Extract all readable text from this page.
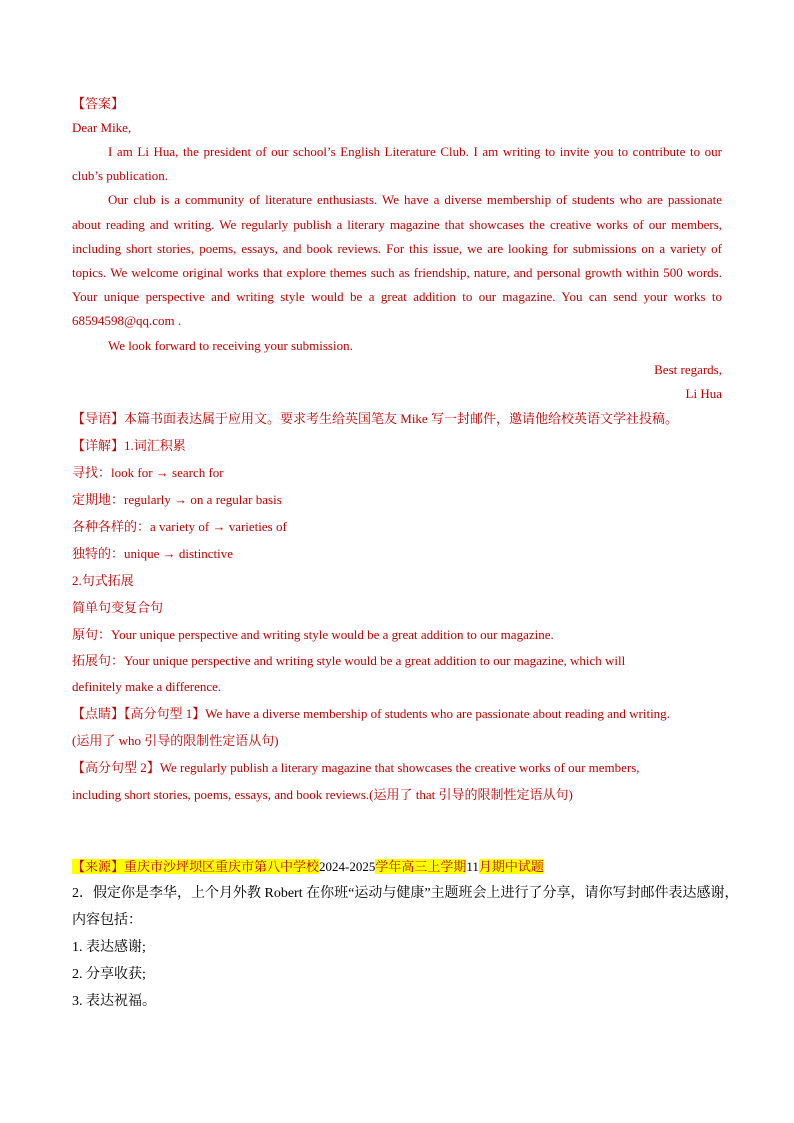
【答案】
Dear Mike,
I am Li Hua, the president of our school’s English Literature Club. I am writing to invite you to contribute to our club’s publication.
Our club is a community of literature enthusiasts. We have a diverse membership of students who are passionate about reading and writing. We regularly publish a literary magazine that showcases the creative works of our members, including short stories, poems, essays, and book reviews. For this issue, we are looking for submissions on a variety of topics. We welcome original works that explore themes such as friendship, nature, and personal growth within 500 words. Your unique perspective and writing style would be a great addition to our magazine. You can send your works to 68594598@qq.com .
We look forward to receiving your submission.
Best regards,
Li Hua
【导语】本篇书面表达属于应用文。要求考生给英国笔友 Mike 写一封邮件，邀请他给校英语文学社投稿。
【详解】1.词汇积累
寻找：look for → search for
定期地：regularly → on a regular basis
各种各样的：a variety of → varieties of
独特的：unique → distinctive
2.句式拓展
简单句变复合句
原句：Your unique perspective and writing style would be a great addition to our magazine.
拓展句：Your unique perspective and writing style would be a great addition to our magazine, which will
definitely make a difference.
【点睛】【高分句型 1】We have a diverse membership of students who are passionate about reading and writing.
(运用了 who 引导的限制性定语从句)
【高分句型 2】We regularly publish a literary magazine that showcases the creative works of our members,
including short stories, poems, essays, and book reviews.(运用了 that 引导的限制性定语从句)
【来源】重庆市沙坪坝区重庆市第八中学校2024-2025学年高三上学期11月期中试题
2．假定你是李华，上个月外教 Robert 在你班“运动与健康”主题班会上进行了分享，请你写封邮件表达感谢，
内容包括：
1. 表达感谢;
2. 分享收获;
3. 表达祝福。
